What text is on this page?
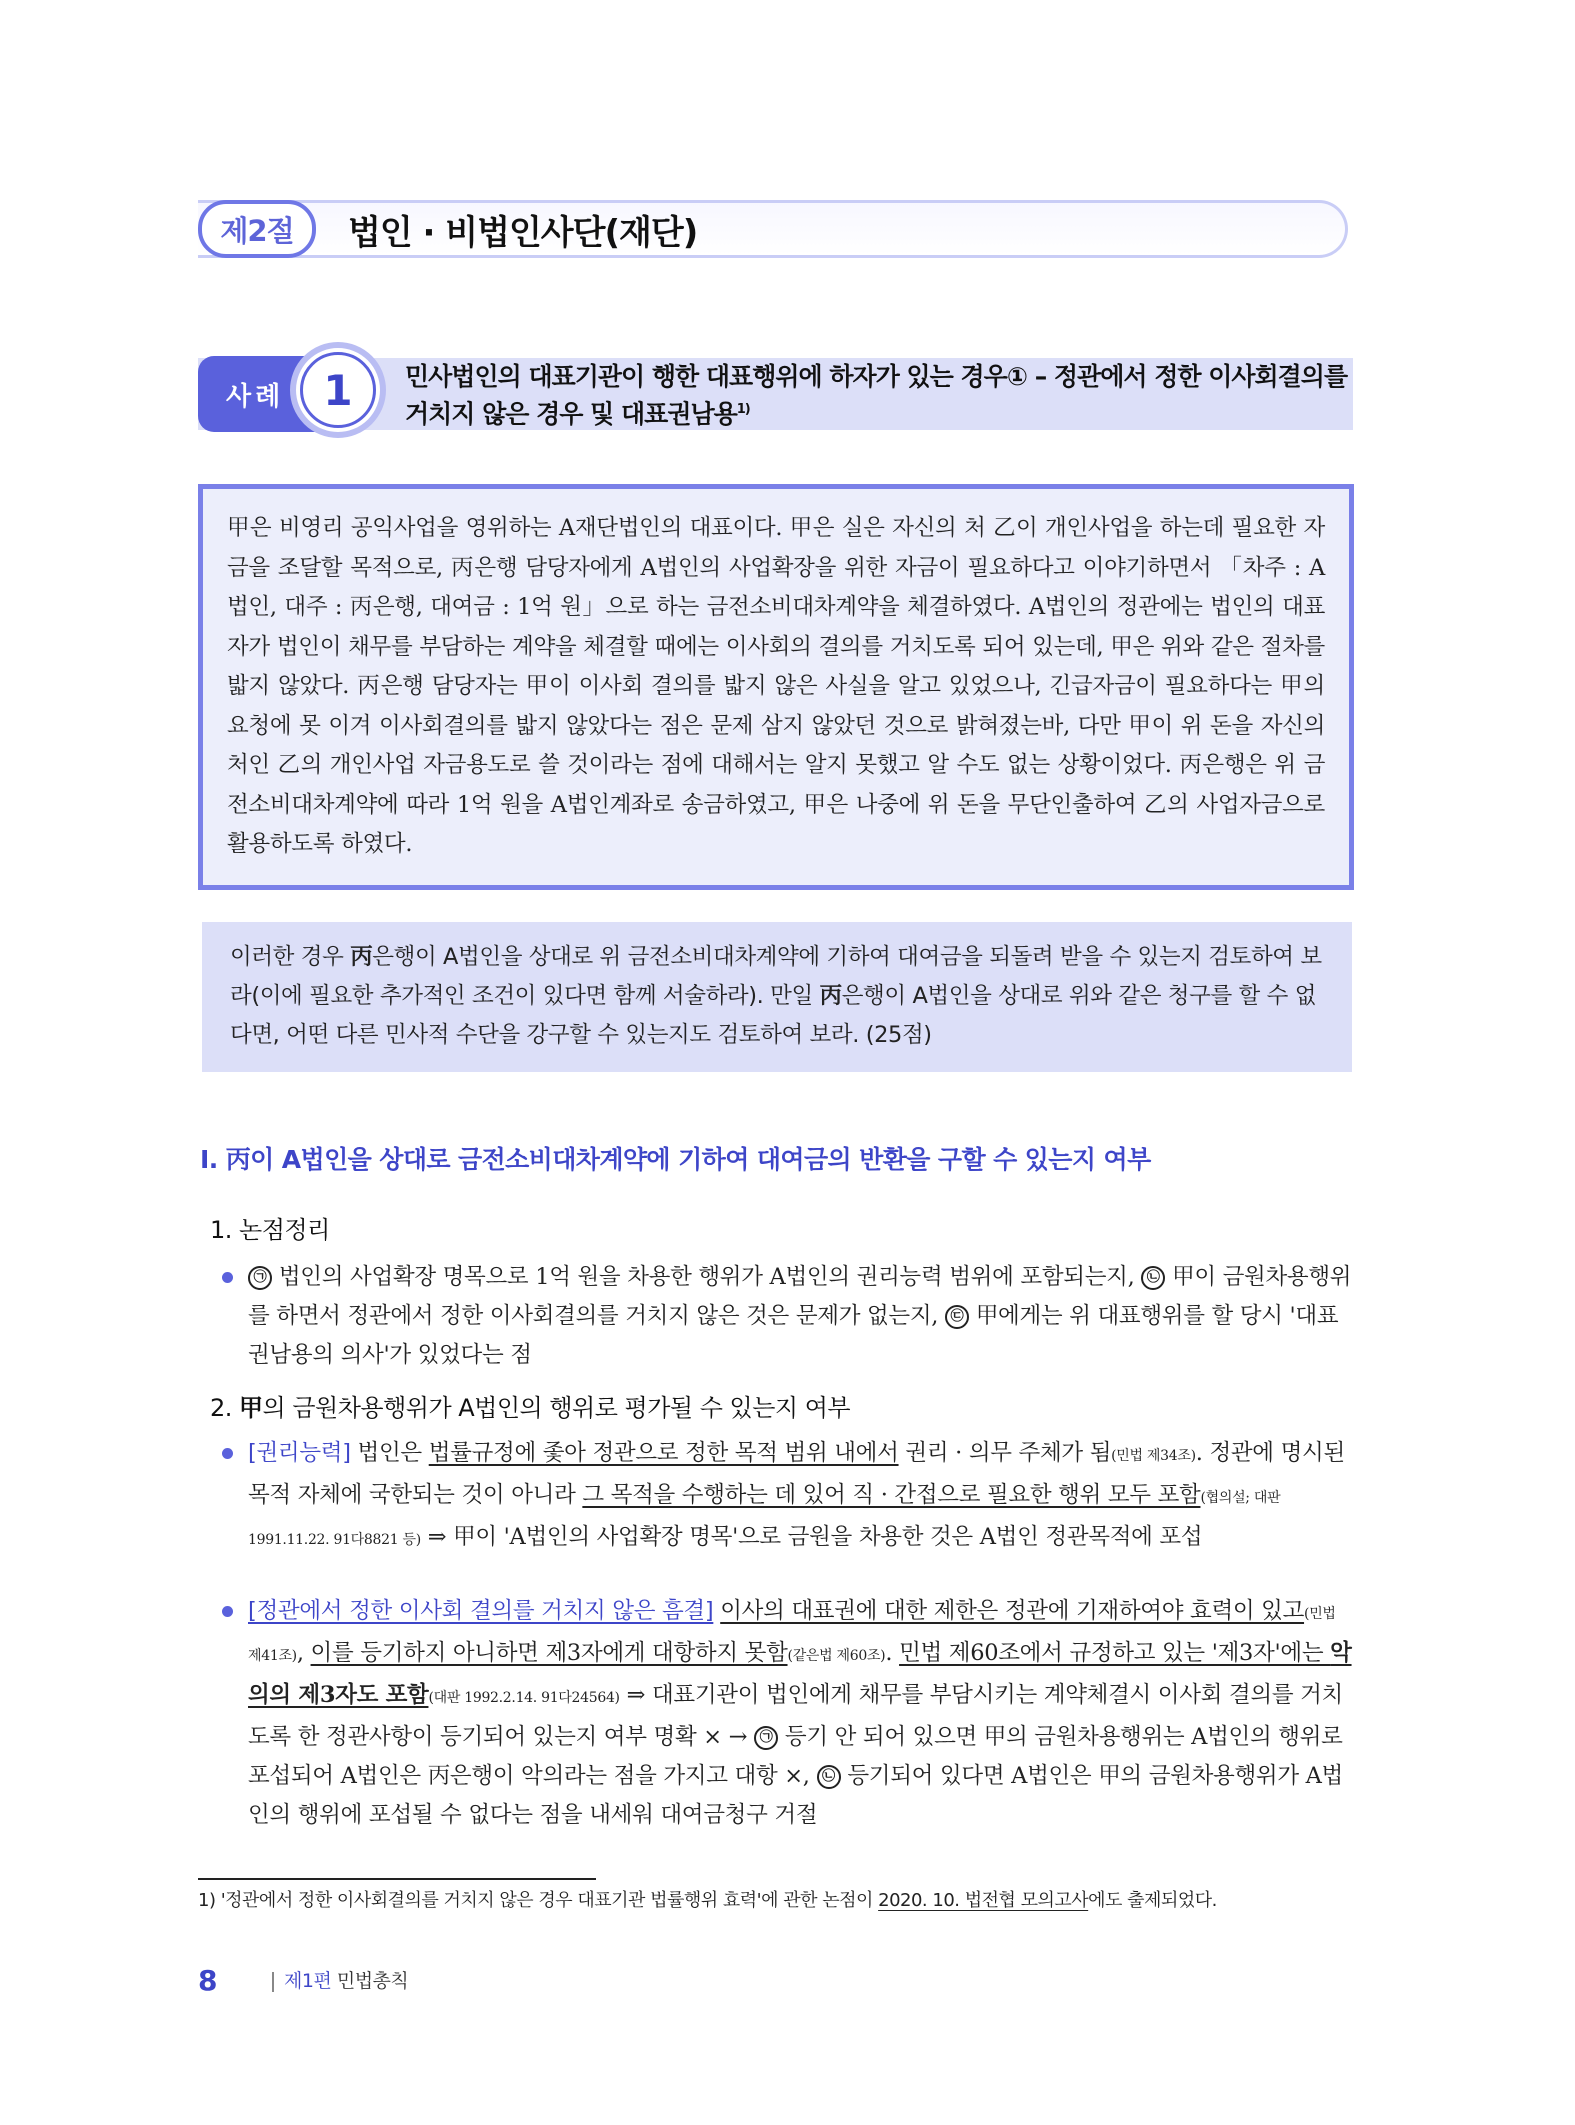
제2절	법인 · 비법인사단(재단)
사례 1	민사법인의 대표기관이 행한 대표행위에 하자가 있는 경우① – 정관에서 정한 이사회결의를 거치지 않은 경우 및 대표권남용$^{1)}$
甲은 비영리 공익사업을 영위하는 A재단법인의 대표이다. 甲은 실은 자신의 처 乙이 개인사업을 하는데 필요한 자금을 조달할 목적으로, 丙은행 담당자에게 A법인의 사업확장을 위한 자금이 필요하다고 이야기하면서 「차주 : A법인, 대주 : 丙은행, 대여금 : 1억 원」으로 하는 금전소비대차계약을 체결하였다. A법인의 정관에는 법인의 대표자가 법인이 채무를 부담하는 계약을 체결할 때에는 이사회의 결의를 거치도록 되어 있는데, 甲은 위와 같은 절차를 밟지 않았다. 丙은행 담당자는 甲이 이사회 결의를 밟지 않은 사실을 알고 있었으나, 긴급자금이 필요하다는 甲의 요청에 못 이겨 이사회결의를 밟지 않았다는 점은 문제 삼지 않았던 것으로 밝혀졌는바, 다만 甲이 위 돈을 자신의 처인 乙의 개인사업 자금용도로 쓸 것이라는 점에 대해서는 알지 못했고 알 수도 없는 상황이었다. 丙은행은 위 금전소비대차계약에 따라 1억 원을 A법인계좌로 송금하였고, 甲은 나중에 위 돈을 무단인출하여 乙의 사업자금으로 활용하도록 하였다.
이러한 경우 丙은행이 A법인을 상대로 위 금전소비대차계약에 기하여 대여금을 되돌려 받을 수 있는지 검토하여 보라(이에 필요한 추가적인 조건이 있다면 함께 서술하라). 만일 丙은행이 A법인을 상대로 위와 같은 청구를 할 수 없다면, 어떤 다른 민사적 수단을 강구할 수 있는지도 검토하여 보라. (25점)
Ⅰ. 丙이 A법인을 상대로 금전소비대차계약에 기하여 대여금의 반환을 구할 수 있는지 여부
1. 논점정리
㉠ 법인의 사업확장 명목으로 1억 원을 차용한 행위가 A법인의 권리능력 범위에 포함되는지, ㉡ 甲이 금원차용행위를 하면서 정관에서 정한 이사회결의를 거치지 않은 것은 문제가 없는지, ㉢ 甲에게는 위 대표행위를 할 당시 '대표권남용의 의사'가 있었다는 점
2. 甲의 금원차용행위가 A법인의 행위로 평가될 수 있는지 여부
[권리능력] 법인은 법률규정에 좇아 정관으로 정한 목적 범위 내에서 권리 · 의무 주체가 됨(민법 제34조). 정관에 명시된 목적 자체에 국한되는 것이 아니라 그 목적을 수행하는 데 있어 직 · 간접으로 필요한 행위 모두 포함(협의설; 대판 1991.11.22. 91다8821 등) ⇒ 甲이 'A법인의 사업확장 명목'으로 금원을 차용한 것은 A법인 정관목적에 포섭
[정관에서 정한 이사회 결의를 거치지 않은 흠결] 이사의 대표권에 대한 제한은 정관에 기재하여야 효력이 있고(민법 제41조), 이를 등기하지 아니하면 제3자에게 대항하지 못함(같은법 제60조). 민법 제60조에서 규정하고 있는 '제3자'에는 악의의 제3자도 포함(대판 1992.2.14. 91다24564) ⇒ 대표기관이 법인에게 채무를 부담시키는 계약체결시 이사회 결의를 거치도록 한 정관사항이 등기되어 있는지 여부 명확 × → ㉠ 등기 안 되어 있으면 甲의 금원차용행위는 A법인의 행위로 포섭되어 A법인은 丙은행이 악의라는 점을 가지고 대항 ×, ㉡ 등기되어 있다면 A법인은 甲의 금원차용행위가 A법인의 행위에 포섭될 수 없다는 점을 내세워 대여금청구 거절
1) '정관에서 정한 이사회결의를 거치지 않은 경우 대표기관 법률행위 효력'에 관한 논점이 2020. 10. 법전협 모의고사에도 출제되었다.
8	제1편 민법총칙
